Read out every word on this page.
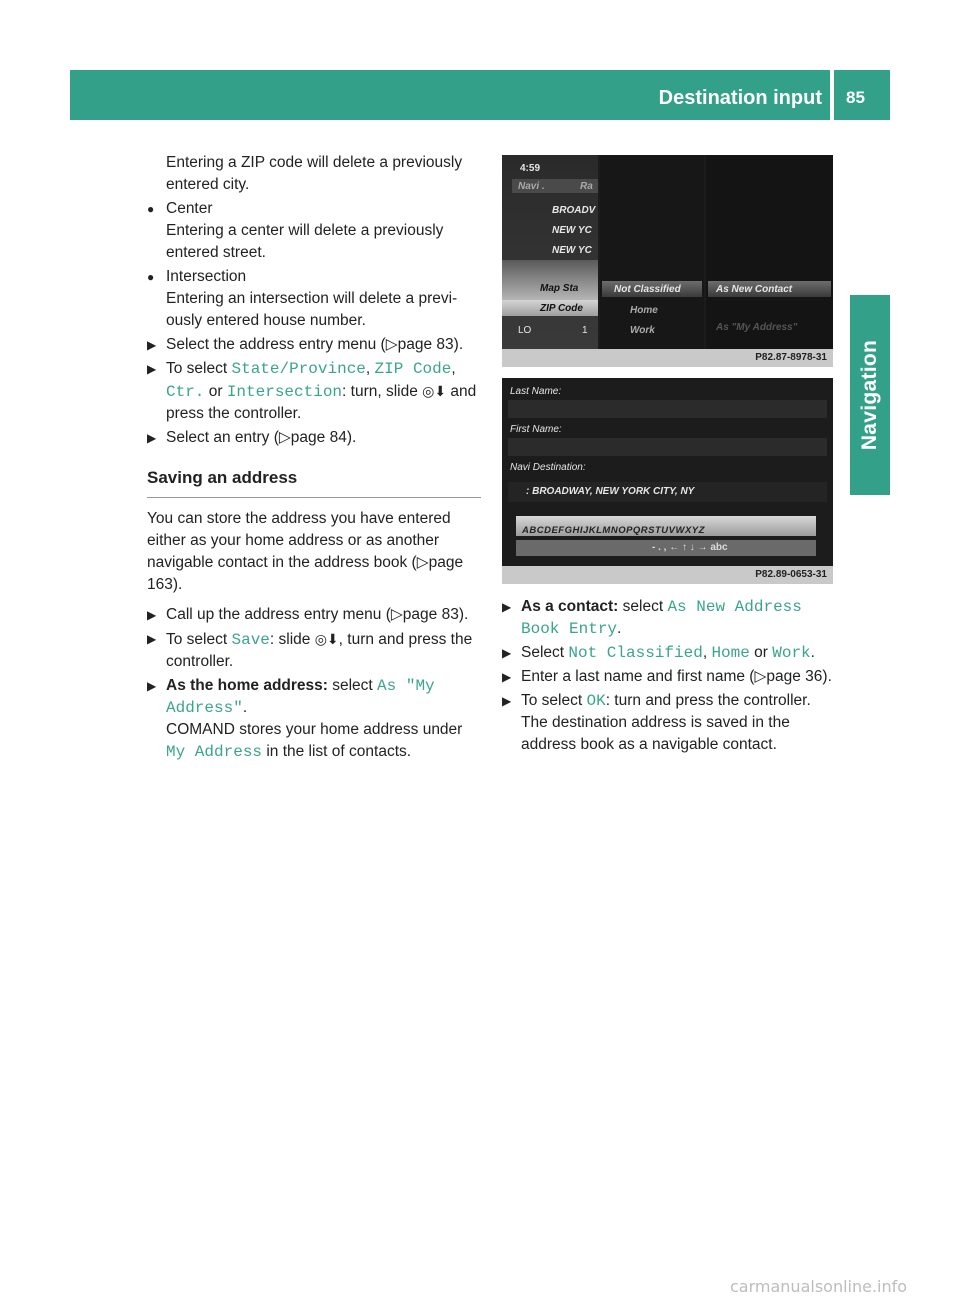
Destination input 85
Navigation
Entering a ZIP code will delete a previously entered city.
● Center
Entering a center will delete a previously entered street.
● Intersection
Entering an intersection will delete a previ-ously entered house number.
▶ Select the address entry menu (▷page 83).
▶ To select State/Province, ZIP Code,
Ctr. or Intersection: turn, slide ◎⬇ and press the controller.
▶ Select an entry (▷page 84).
Saving an address
You can store the address you have entered either as your home address or as another navigable contact in the address book (▷page 163).
▶ Call up the address entry menu (▷page 83).
▶ To select Save: slide ◎⬇, turn and press the controller.
▶ As the home address: select As "My Address".
COMAND stores your home address under My Address in the list of contacts.
4:59
Navi .	Ra
BROADV
NEW YC
NEW YC
Map Sta
ZIP Code
LO	1
Not Classified
Home
Work
As New Contact
As "My Address"
P82.87-8978-31
Last Name:
First Name:
Navi Destination:
: BROADWAY, NEW YORK CITY, NY
ABCDEFGHIJKLMNOPQRSTUVWXYZ
- . , ← ↑ ↓ → abc
P82.89-0653-31
▶ As a contact: select As New Address Book Entry.
▶ Select Not Classified, Home or Work.
▶ Enter a last name and first name (▷page 36).
▶ To select OK: turn and press the controller.
The destination address is saved in the address book as a navigable contact.
carmanualsonline.info
